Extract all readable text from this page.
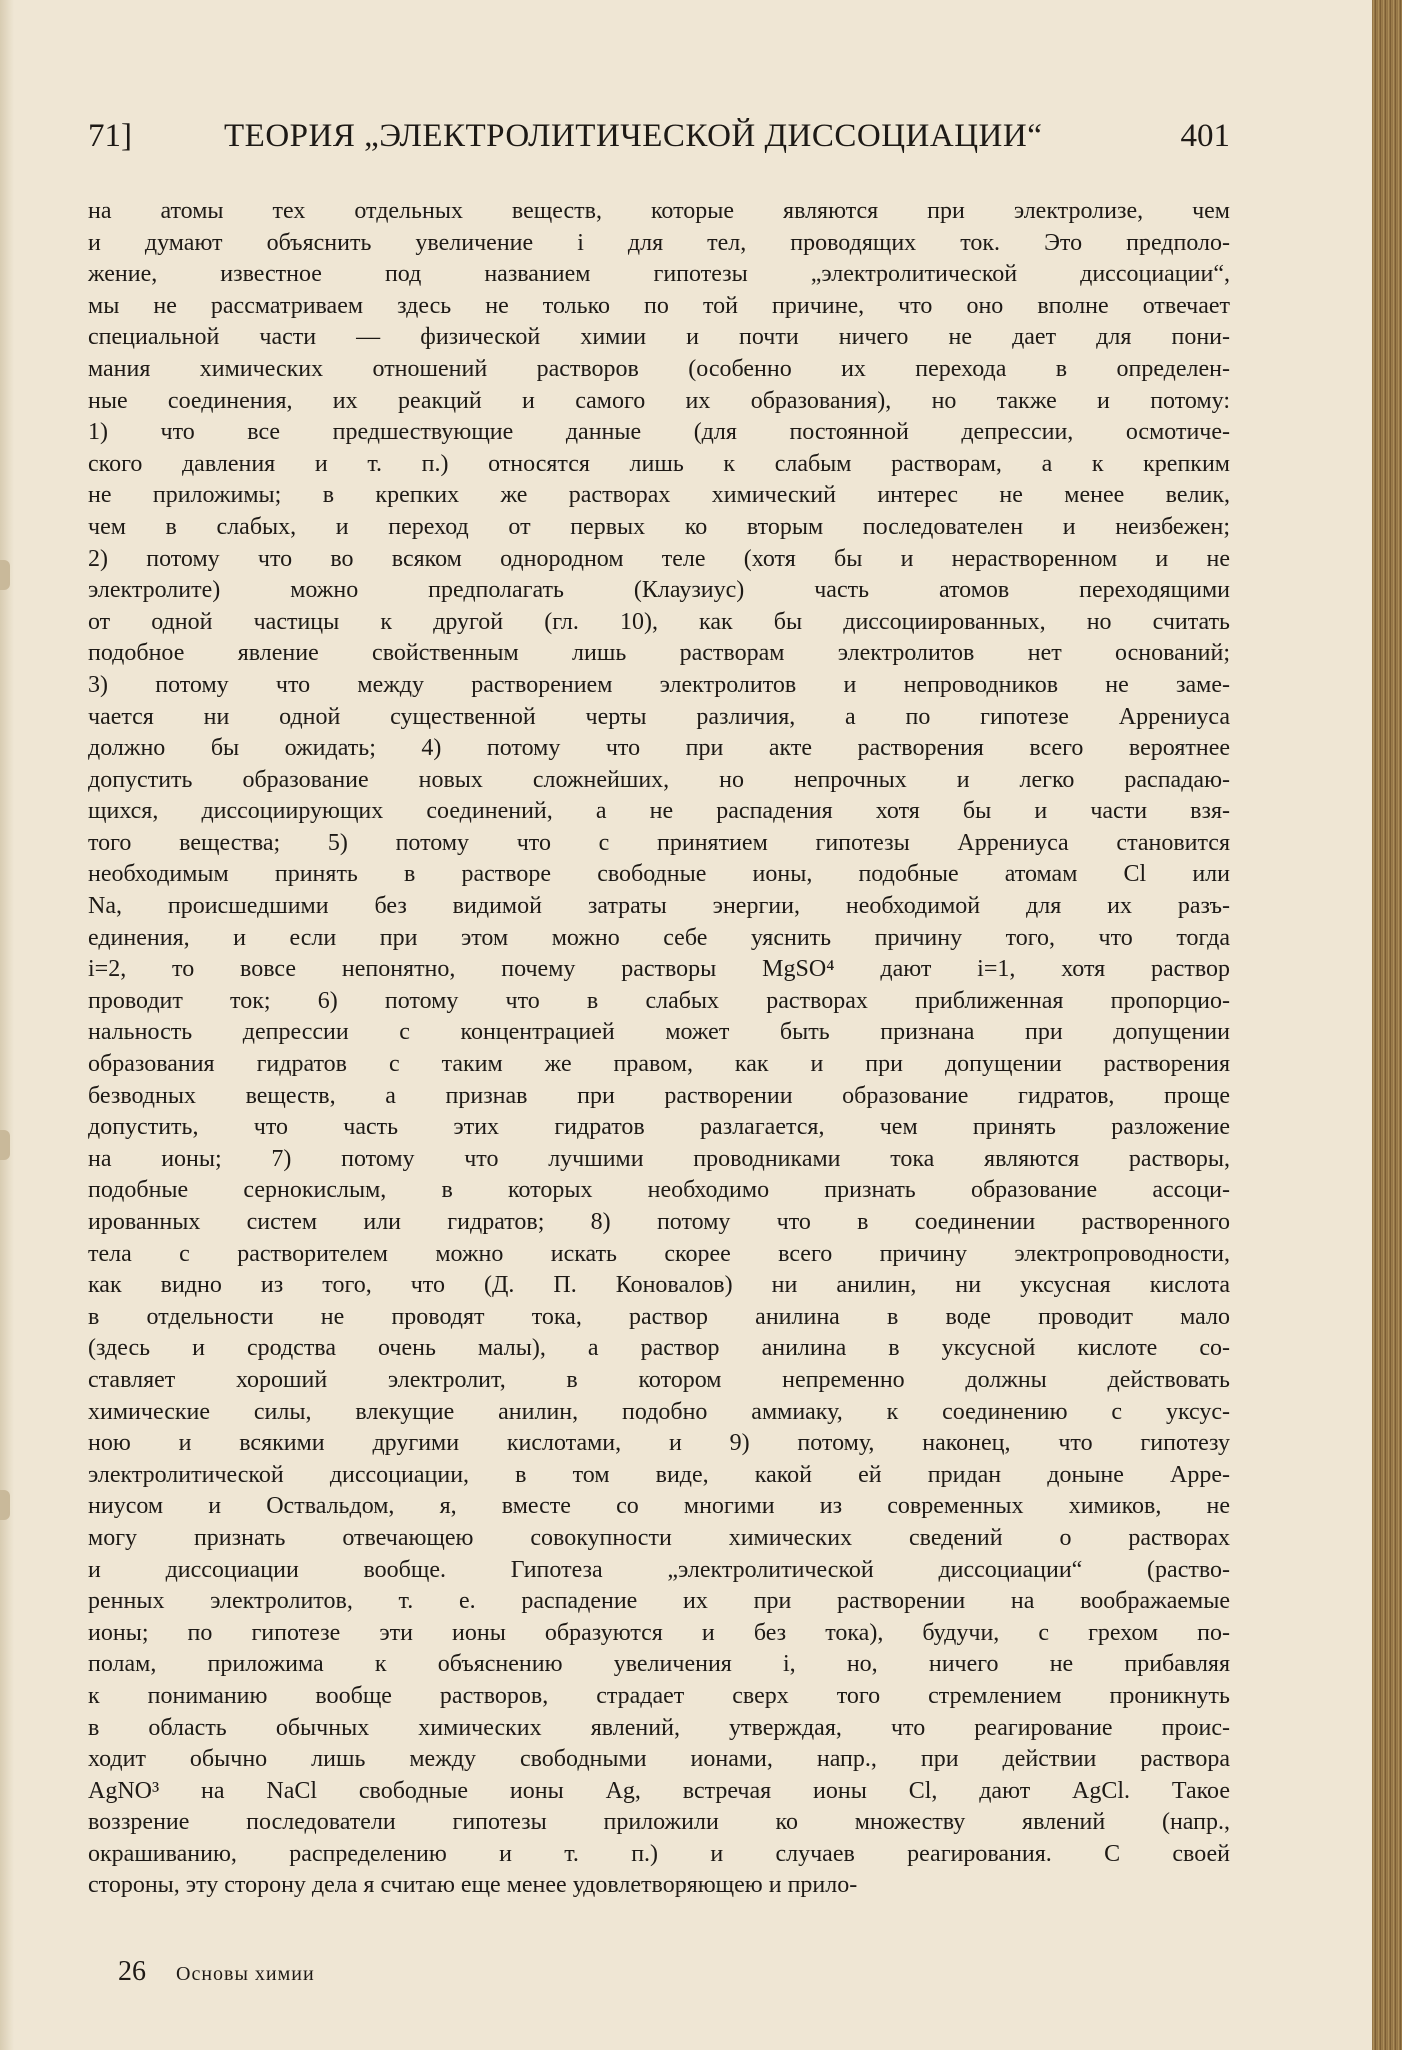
71]	ТЕОРИЯ „ЭЛЕКТРОЛИТИЧЕСКОЙ ДИССОЦИАЦИИ“	401
на атомы тех отдельных веществ, которые являются при электролизе, чем
и думают объяснить увеличение i для тел, проводящих ток. Это предполо-
жение, известное под названием гипотезы „электролитической диссоциации“,
мы не рассматриваем здесь не только по той причине, что оно вполне отвечает
специальной части — физической химии и почти ничего не дает для пони-
мания химических отношений растворов (особенно их перехода в определен-
ные соединения, их реакций и самого их образования), но также и потому:
1) что все предшествующие данные (для постоянной депрессии, осмотиче-
ского давления и т. п.) относятся лишь к слабым растворам, а к крепким
не приложимы; в крепких же растворах химический интерес не менее велик,
чем в слабых, и переход от первых ко вторым последователен и неизбежен;
2) потому что во всяком однородном теле (хотя бы и нерастворенном и не
электролите) можно предполагать (Клаузиус) часть атомов переходящими
от одной частицы к другой (гл. 10), как бы диссоциированных, но считать
подобное явление свойственным лишь растворам электролитов нет оснований;
3) потому что между растворением электролитов и непроводников не заме-
чается ни одной существенной черты различия, а по гипотезе Аррениуса
должно бы ожидать; 4) потому что при акте растворения всего вероятнее
допустить образование новых сложнейших, но непрочных и легко распадаю-
щихся, диссоциирующих соединений, а не распадения хотя бы и части взя-
того вещества; 5) потому что с принятием гипотезы Аррениуса становится
необходимым принять в растворе свободные ионы, подобные атомам Cl или
Na, происшедшими без видимой затраты энергии, необходимой для их разъ-
единения, и если при этом можно себе уяснить причину того, что тогда
i=2, то вовсе непонятно, почему растворы MgSO⁴ дают i=1, хотя раствор
проводит ток; 6) потому что в слабых растворах приближенная пропорцио-
нальность депрессии с концентрацией может быть признана при допущении
образования гидратов с таким же правом, как и при допущении растворения
безводных веществ, а признав при растворении образование гидратов, проще
допустить, что часть этих гидратов разлагается, чем принять разложение
на ионы; 7) потому что лучшими проводниками тока являются растворы,
подобные сернокислым, в которых необходимо признать образование ассоци-
ированных систем или гидратов; 8) потому что в соединении растворенного
тела с растворителем можно искать скорее всего причину электропроводности,
как видно из того, что (Д. П. Коновалов) ни анилин, ни уксусная кислота
в отдельности не проводят тока, раствор анилина в воде проводит мало
(здесь и сродства очень малы), а раствор анилина в уксусной кислоте со-
ставляет хороший электролит, в котором непременно должны действовать
химические силы, влекущие анилин, подобно аммиаку, к соединению с уксус-
ною и всякими другими кислотами, и 9) потому, наконец, что гипотезу
электролитической диссоциации, в том виде, какой ей придан доныне Арре-
ниусом и Оствальдом, я, вместе со многими из современных химиков, не
могу признать отвечающею совокупности химических сведений о растворах
и диссоциации вообще. Гипотеза „электролитической диссоциации“ (раство-
ренных электролитов, т. е. распадение их при растворении на воображаемые
ионы; по гипотезе эти ионы образуются и без тока), будучи, с грехом по-
полам, приложима к объяснению увеличения i, но, ничего не прибавляя
к пониманию вообще растворов, страдает сверх того стремлением проникнуть
в область обычных химических явлений, утверждая, что реагирование проис-
ходит обычно лишь между свободными ионами, напр., при действии раствора
AgNO³ на NaCl свободные ионы Ag, встречая ионы Cl, дают AgCl. Такое
воззрение последователи гипотезы приложили ко множеству явлений (напр.,
окрашиванию, распределению и т. п.) и случаев реагирования. С своей
стороны, эту сторону дела я считаю еще менее удовлетворяющею и прило-
26 Основы химии
